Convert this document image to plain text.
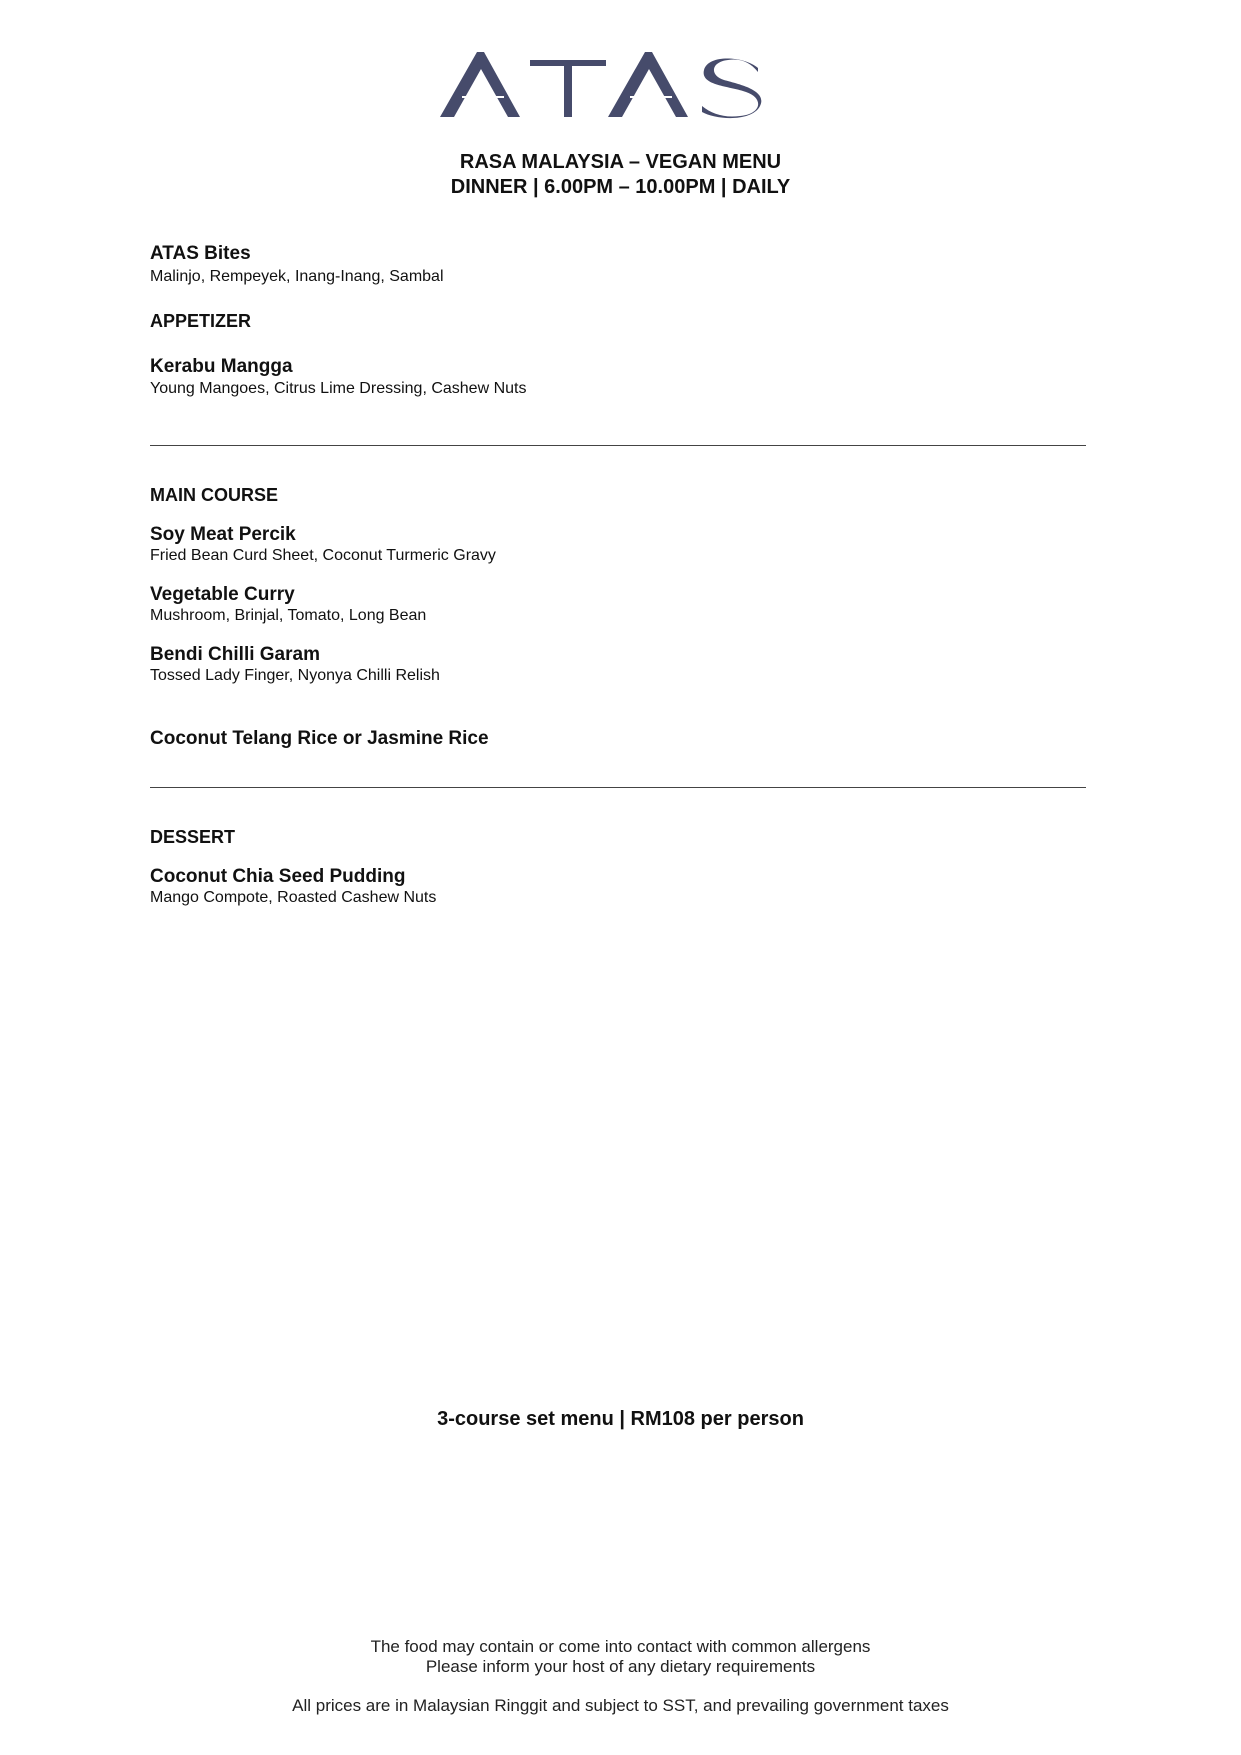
RASA MALAYSIA – VEGAN MENU
DINNER | 6.00PM – 10.00PM | DAILY
ATAS Bites
Malinjo, Rempeyek, Inang-Inang, Sambal
APPETIZER
Kerabu Mangga
Young Mangoes, Citrus Lime Dressing, Cashew Nuts
MAIN COURSE
Soy Meat Percik
Fried Bean Curd Sheet, Coconut Turmeric Gravy
Vegetable Curry
Mushroom, Brinjal, Tomato, Long Bean
Bendi Chilli Garam
Tossed Lady Finger, Nyonya Chilli Relish
Coconut Telang Rice or Jasmine Rice
DESSERT
Coconut Chia Seed Pudding
Mango Compote, Roasted Cashew Nuts
3-course set menu | RM108 per person
The food may contain or come into contact with common allergens
Please inform your host of any dietary requirements
All prices are in Malaysian Ringgit and subject to SST, and prevailing government taxes
